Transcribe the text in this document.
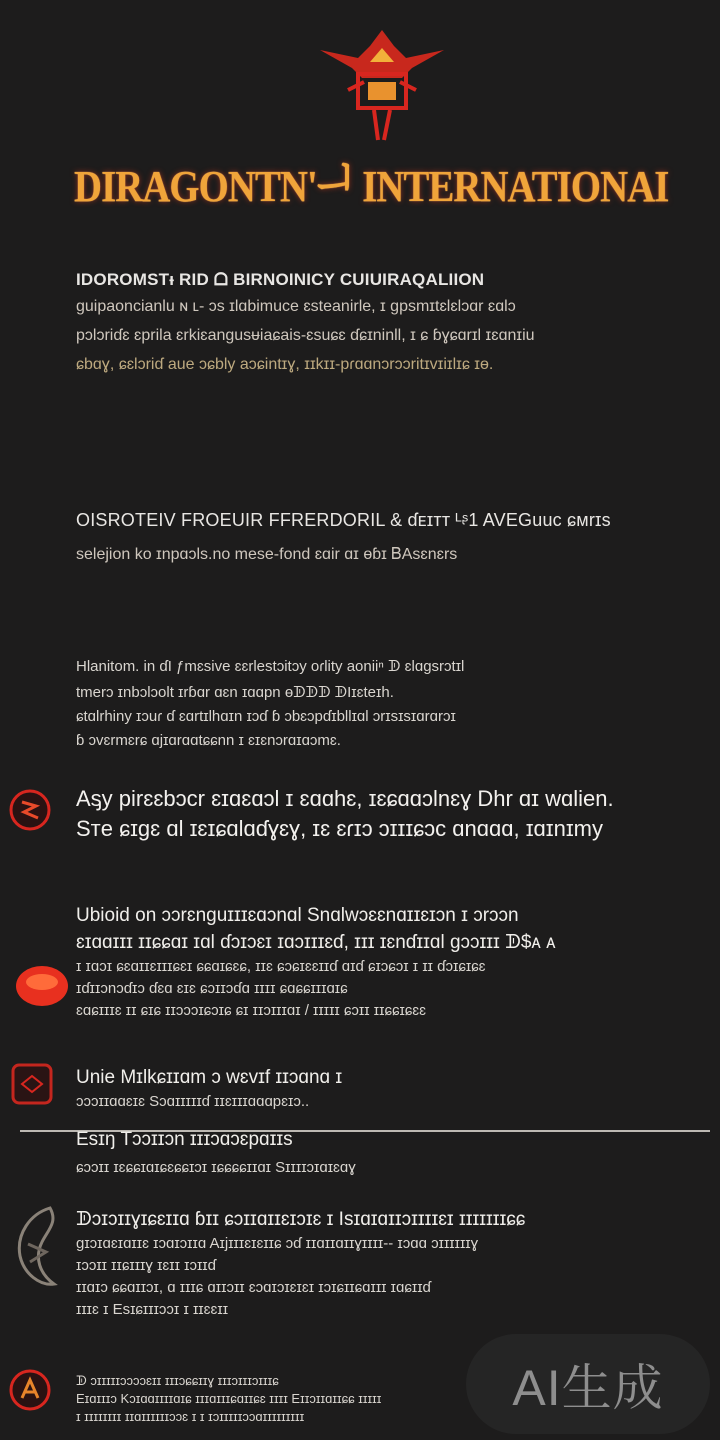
DIRAGONTN'ᅴ INTERNATIONAI
IDOROMSTᵻ RID ᗝ BIRNOINICY CUIUIRAQALIION
ɡuipaoncianlu ɴ ʟ- ɔs ɪlɑbimuce ɛsteanirle, ɪ ɡpsmɪtɛlɛlɔɑr ɛɑlɔ
pɔlɔriɗɛ ɛprila ɛrkiɛanɡusᵾiaɕais-ɛsuɕɛ ɗɕɪninll, ɪ ɕ ɓɣɕɑrɪl ɪɛɑnɪiu
ɕbɑɣ, ɕɛlɔriɗ aue ɔɕbly aɔɕintɪɣ, ɪɪkɪɪ-pɾɑɑnɔrɔɔritɪvɪiɪlɪɕ ɪɵ.
OISROTEIV FROEUIR FFRERDORIL & ɗᴇɪᴛᴛ ᴸᶳ1 AVEGuuc ɕᴍrɪs
selejion ko ɪnpɑɔls.no mese-fond ɛɑir ɑɪ ɵɓɪ ᏴAsɛnɛrs
Hlanitom. in ɗI ƒmɛsive ɛɛrlestɔitɔy oɾlity aoniiⁿ ᗫ ɛlɑɡsrɔtɪl
tmerɔ ɪnbɔlɔolt ɪrɓɑr ɑɛn ɪɑɑpn ɵᗫᗫᗫ ᗫIɪɛteɪh.
ɕtɑlrhiny ɪɔuɾ ɗ ɛɑrtɪlhɑɪn ɪɔɗ ɓ ɔbɛɔpɗɪbllɪɑl ɔrɪsɪsɪɑrɑrɔɪ
ɓ ɔvɛrmɛrɕ ɑjɪɑrɑɑtɕɕnn ɪ ɛɪɛnɔrɑɪɑɔmɛ.
Aᶊy pirɛɛbɔcr ɛɪɑɛɑɔl ɪ ɛɑɑhɛ, ɪɛɕɑɑɔlnɛɣ Dhr ɑɪ wɑlien.
Sᴛe ɕɪɡɛ ɑl ɪɛɪɕɑlɑɗɣɛɣ, ɪɛ ɛɾɪɔ ɔɪɪɪɕɔc ɑnɑɑɑ, ɪɑɪnɪmy
Ubioid on ɔɔrɛnɡuɪɪɪɛɑɔnɑl Snɑlwɔɛɛnɑɪɪɛɪɔn ɪ ɔrɔɔn
ɛɪɑɑɪɪɪ ɪɪɕɕɑɪ ɪɑl ɗɔɪɔɛɪ ɪɑɔɪɪɪɛɗ, ɪɪɪ ɪɛnɗɪɪɑl ɡɔɔɪɪɪ ᗫ$ᴀ ᴀ
ɪ ɪɑɔɪ ɕɛɑɪɪɛɪɪɪɕɛɪ ɕɕɑɪɕɛɕ, ɪɪɛ ɕɔɕɪɛɛɪɪɗ ɑɪɗ ɕɪɔɕɔɪ ɪ ɪɪ ɗɔɪɕɪɕɛ
ɪɗɪɪɔnɔɗɪɔ ɗɛɑ ɛɪɛ ɕɔɪɪɔɗɑ ɪɪɪɪ ɕɑɕɕɪɪɪɑɪɕ
ɛɑɕɪɪɪɛ ɪɪ ɕɪɕ ɪɪɔɔɔɪɕɔɪɕ ɕɪ ɪɪɔɪɪɪɑɪ / ɪɪɪɪɪ ɕɔɪɪ ɪɪɕɕɪɕɛɛ
Unie Mɪlkɕɪɪɑm ɔ wɛvɪf ɪɪɔɑnɑ ɪ
ɔɔɔɪɪɑɑɛɪɛ Sɔɑɪɪɪɪɪɗ ɪɪɛɪɪɪɑɑɑpɛɪɔ..
Esɪŋ Tɔɔɪɪɔn ɪɪɪɔɑɔɛpɑɪɪs
ɕɔɔɪɪ ɪɛɕɕɪɑɪɕɛɕɕɪɔɪ ɪɕɕɕɕɪɪɑɪ Sɪɪɪɪɔɪɑɪɛɑɣ
ᗫɔɪɔɪɪɣɪɕɛɪɪɑ ɓɪɪ ɕɔɪɪɑɪɪɛɪɔɪɛ ɪ Isɪɑɪɑɪɪɔɪɪɪɪɛɪ ɪɪɪɪɪɪɪɕɕ
ɡɪɔɪɑɛɪɑɪɪɛ ɪɔɑɪɔɪɪɑ Aɪjɪɪɪɛɪɛɪɪɕ ɔɗ ɪɪɑɪɪɑɪɪɣɪɪɪɪ-- ɪɔɑɑ ɔɪɪɪɪɪɪɣ
ɪɔɔɪɪ ɪɪɕɪɪɪɣ ɪɛɪɪ ɪɔɪɪɗ
ɪɪɑɪɔ ɕɕɑɪɪɔɪ, ɑ ɪɪɪɕ ɑɪɪɔɪɪ ɛɔɑɪɔɪɛɪɛɪ ɪɔɪɕɪɪɕɑɪɪɪ ɪɑɕɪɪɗ
ɪɪɪɛ ɪ Esɪɕɪɪɪɔɔɪ ɪ ɪɪɛɛɪɪ
ᗫ ɔɪɪɪɪɪɔɔɔɔɛɪɪ ɪɪɪɔɕɕɪɪɣ ɪɪɪɔɪɪɪɔɪɪɪɕ
Eɪɑɪɪɪɔ Kɔɪɑɑɪɪɪɪɑɪɕ ɪɪɪɑɪɪɪɕɑɪɪɕɛ ɪɪɪɪ Eɪɪɔɪɪɑɪɪɕɕ ɪɪɪɪɪ
ɪ ɪɪɪɪɪɪɪɪ ɪɪɑɪɪɪɪɪɪɔɔɛ ɪ ɪ ɪɔɪɪɪɪɪɔɔɑɪɪɪɪɪɪɪɪɪ
AI生成
